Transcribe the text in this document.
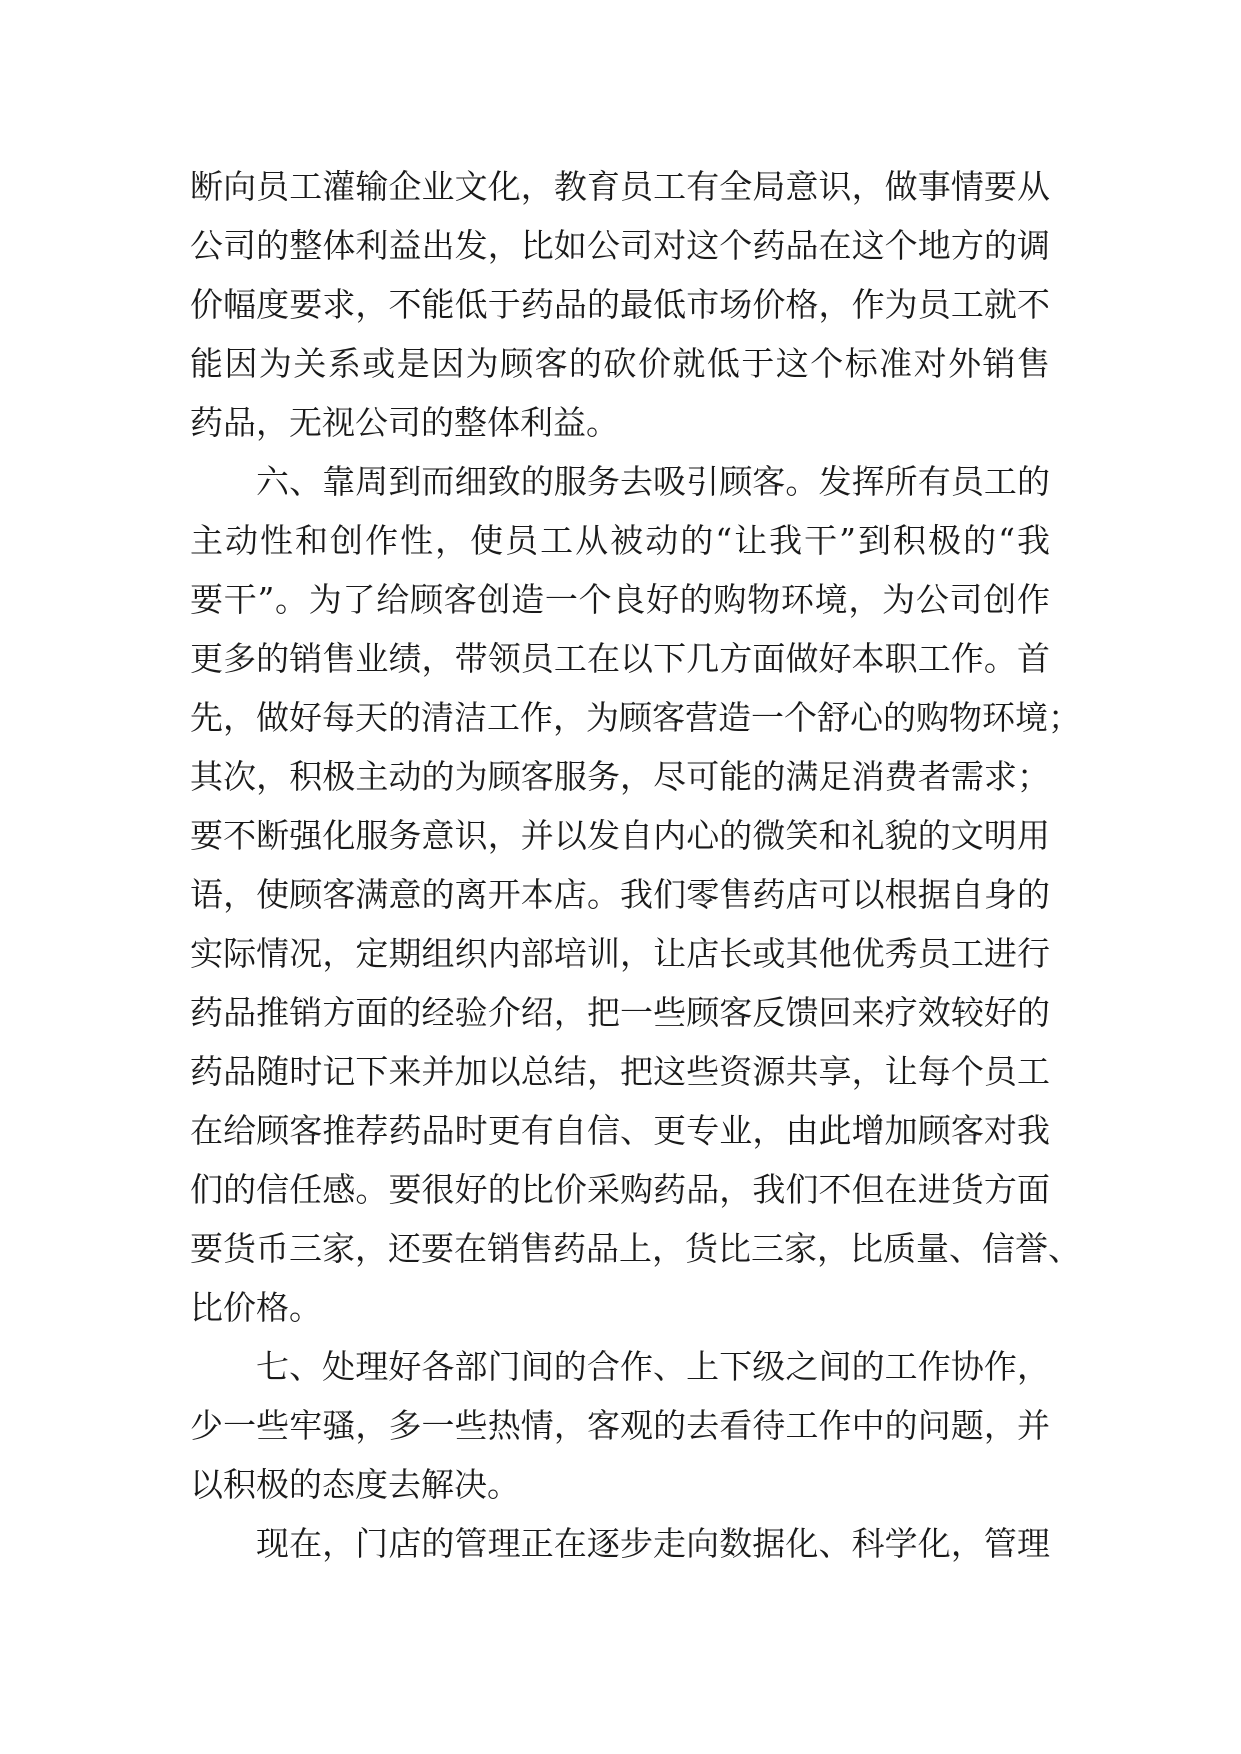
断向员工灌输企业文化，教育员工有全局意识，做事情要从
公司的整体利益出发，比如公司对这个药品在这个地方的调
价幅度要求，不能低于药品的最低市场价格，作为员工就不
能因为关系或是因为顾客的砍价就低于这个标准对外销售
药品，无视公司的整体利益。
六、靠周到而细致的服务去吸引顾客。发挥所有员工的
主动性和创作性，使员工从被动的“让我干”到积极的“我
要干”。为了给顾客创造一个良好的购物环境，为公司创作
更多的销售业绩，带领员工在以下几方面做好本职工作。首
先，做好每天的清洁工作，为顾客营造一个舒心的购物环境；
其次，积极主动的为顾客服务，尽可能的满足消费者需求；
要不断强化服务意识，并以发自内心的微笑和礼貌的文明用
语，使顾客满意的离开本店。我们零售药店可以根据自身的
实际情况，定期组织内部培训，让店长或其他优秀员工进行
药品推销方面的经验介绍，把一些顾客反馈回来疗效较好的
药品随时记下来并加以总结，把这些资源共享，让每个员工
在给顾客推荐药品时更有自信、更专业，由此增加顾客对我
们的信任感。要很好的比价采购药品，我们不但在进货方面
要货币三家，还要在销售药品上，货比三家，比质量、信誉、
比价格。
七、处理好各部门间的合作、上下级之间的工作协作，
少一些牢骚，多一些热情，客观的去看待工作中的问题，并
以积极的态度去解决。
现在，门店的管理正在逐步走向数据化、科学化，管理
